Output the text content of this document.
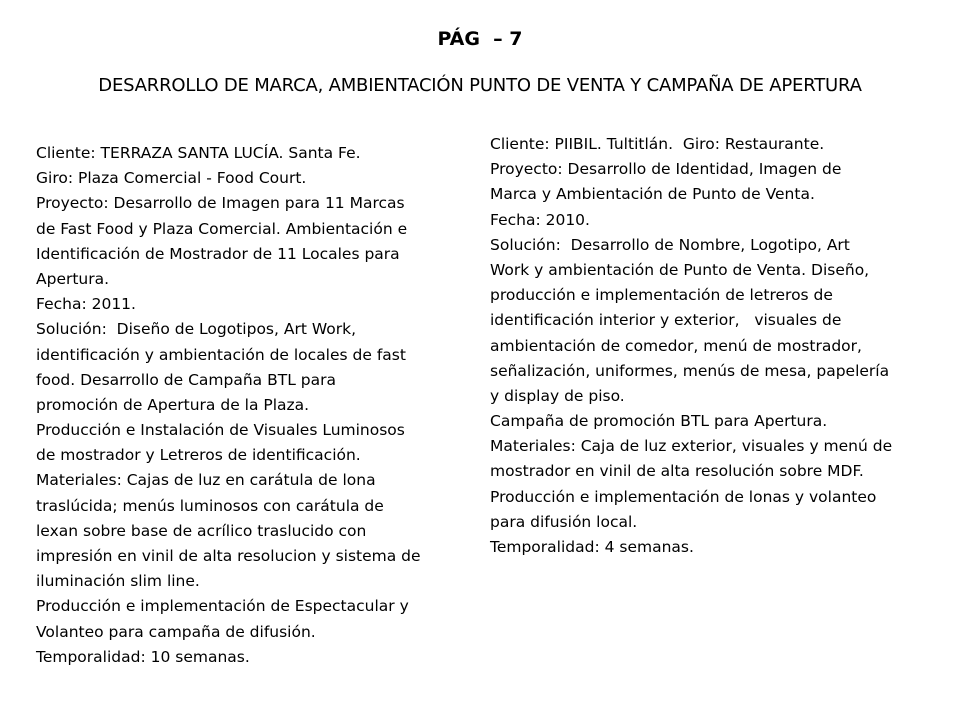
PÁG  – 7
DESARROLLO DE MARCA, AMBIENTACIÓN PUNTO DE VENTA Y CAMPAÑA DE APERTURA
Cliente: TERRAZA SANTA LUCÍA. Santa Fe.
Giro: Plaza Comercial - Food Court.
Proyecto: Desarrollo de Imagen para 11 Marcas
de Fast Food y Plaza Comercial. Ambientación e
Identificación de Mostrador de 11 Locales para
Apertura.
Fecha: 2011.
Solución:  Diseño de Logotipos, Art Work,
identificación y ambientación de locales de fast
food. Desarrollo de Campaña BTL para
promoción de Apertura de la Plaza.
Producción e Instalación de Visuales Luminosos
de mostrador y Letreros de identificación.
Materiales: Cajas de luz en carátula de lona
traslúcida; menús luminosos con carátula de
lexan sobre base de acrílico traslucido con
impresión en vinil de alta resolucion y sistema de
iluminación slim line.
Producción e implementación de Espectacular y
Volanteo para campaña de difusión.
Temporalidad: 10 semanas.
Cliente: PIIBIL. Tultitlán.  Giro: Restaurante.
Proyecto: Desarrollo de Identidad, Imagen de
Marca y Ambientación de Punto de Venta.
Fecha: 2010.
Solución:  Desarrollo de Nombre, Logotipo, Art
Work y ambientación de Punto de Venta. Diseño,
producción e implementación de letreros de
identificación interior y exterior,   visuales de
ambientación de comedor, menú de mostrador,
señalización, uniformes, menús de mesa, papelería
y display de piso.
Campaña de promoción BTL para Apertura.
Materiales: Caja de luz exterior, visuales y menú de
mostrador en vinil de alta resolución sobre MDF.
Producción e implementación de lonas y volanteo
para difusión local.
Temporalidad: 4 semanas.
